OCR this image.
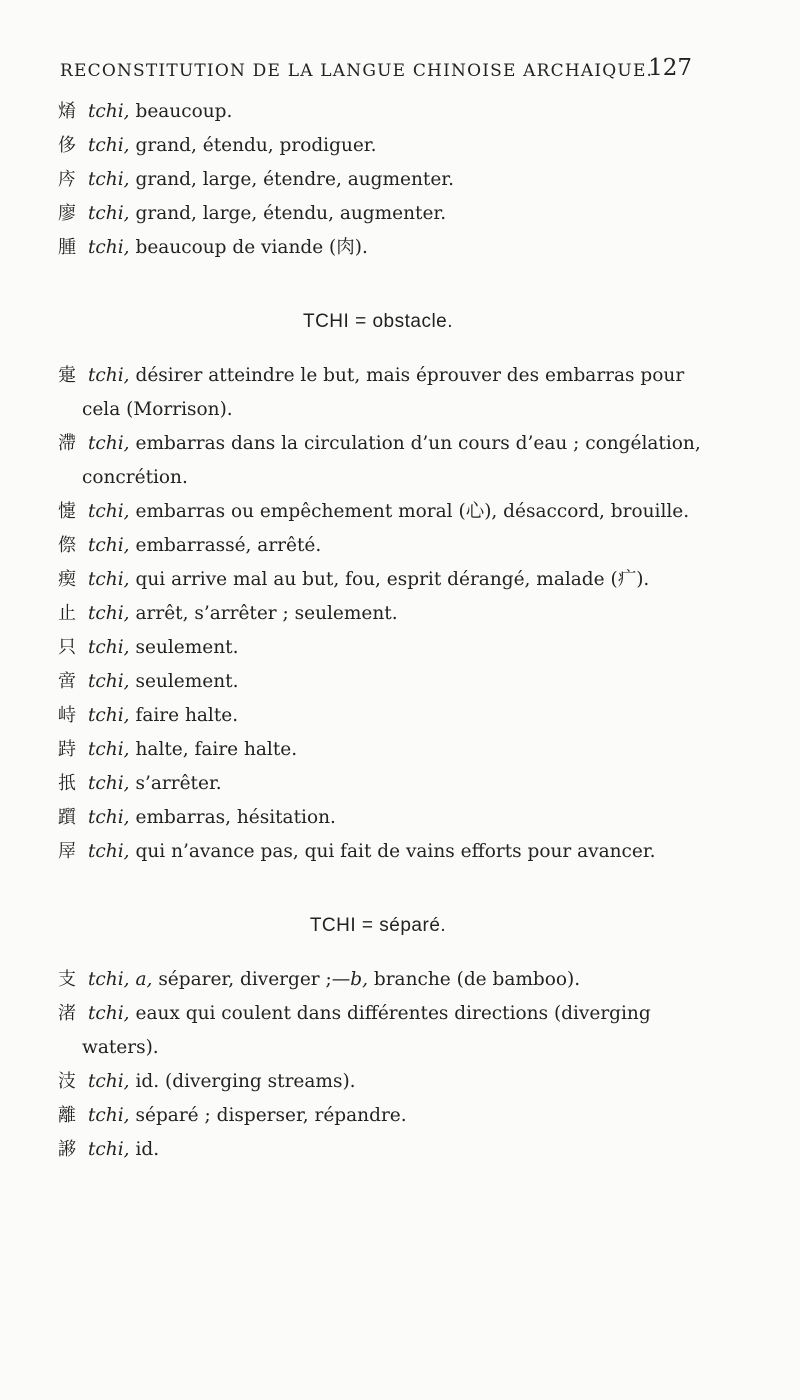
RECONSTITUTION DE LA LANGUE CHINOISE ARCHAIQUE.
127
𤉶 tchi, beaucoup.
侈 tchi, grand, étendu, prodiguer.
庈 tchi, grand, large, étendre, augmenter.
廖 tchi, grand, large, étendu, augmenter.
腫 tchi, beaucoup de viande (肉).
TCHI = obstacle.
疐 tchi, désirer atteindre le but, mais éprouver des embarras pour
cela (Morrison).
滯 tchi, embarras dans la circulation d’un cours d’eau ; congélation,
concrétion.
懥 tchi, embarras ou empêchement moral (心), désaccord, brouille.
傺 tchi, embarrassé, arrêté.
瘈 tchi, qui arrive mal au but, fou, esprit dérangé, malade (疒).
止 tchi, arrêt, s’arrêter ; seulement.
只 tchi, seulement.
啻 tchi, seulement.
峙 tchi, faire halte.
跱 tchi, halte, faire halte.
扺 tchi, s’arrêter.
躓 tchi, embarras, hésitation.
屖 tchi, qui n’avance pas, qui fait de vains efforts pour avancer.
TCHI = séparé.
支 tchi, a, séparer, diverger ;—b, branche (de bamboo).
渚 tchi, eaux qui coulent dans différentes directions (diverging
waters).
汥 tchi, id. (diverging streams).
離 tchi, séparé ; disperser, répandre.
謻 tchi, id.
